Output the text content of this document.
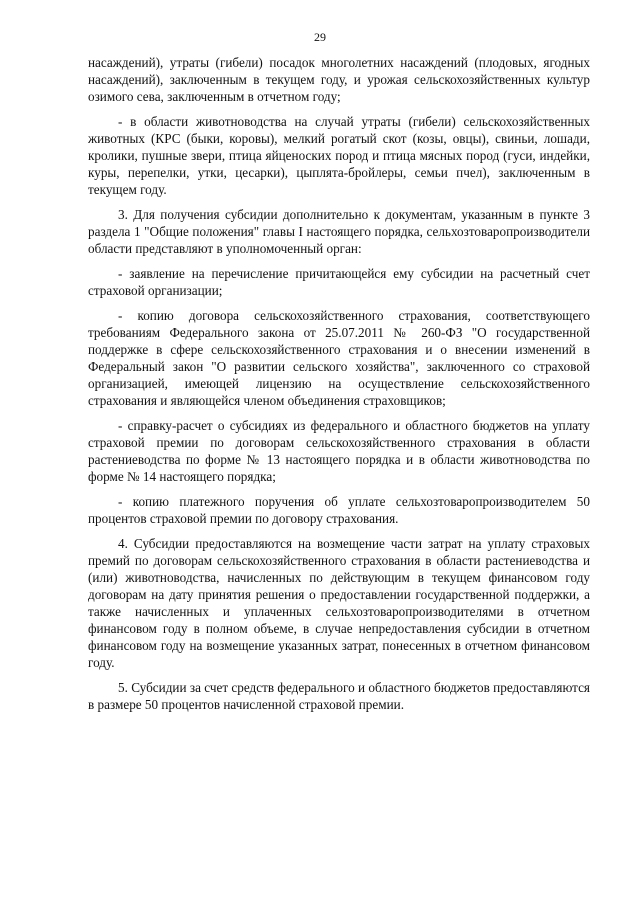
29

насаждений), утраты (гибели) посадок многолетних насаждений (плодовых, ягодных насаждений), заключенным в текущем году, и урожая сельскохозяйственных культур озимого сева, заключенным в отчетном году;

- в области животноводства на случай утраты (гибели) сельскохозяйственных животных (КРС (быки, коровы), мелкий рогатый скот (козы, овцы), свиньи, лошади, кролики, пушные звери, птица яйценоских пород и птица мясных пород (гуси, индейки, куры, перепелки, утки, цесарки), цыплята-бройлеры, семьи пчел), заключенным в текущем году.

3. Для получения субсидии дополнительно к документам, указанным в пункте 3 раздела 1 "Общие положения" главы I настоящего порядка, сельхозтоваропроизводители области представляют в уполномоченный орган:

- заявление на перечисление причитающейся ему субсидии на расчетный счет страховой организации;

- копию договора сельскохозяйственного страхования, соответствующего требованиям Федерального закона от 25.07.2011 № 260-ФЗ "О государственной поддержке в сфере сельскохозяйственного страхования и о внесении изменений в Федеральный закон "О развитии сельского хозяйства", заключенного со страховой организацией, имеющей лицензию на осуществление сельскохозяйственного страхования и являющейся членом объединения страховщиков;

- справку-расчет о субсидиях из федерального и областного бюджетов на уплату страховой премии по договорам сельскохозяйственного страхования в области растениеводства по форме № 13 настоящего порядка и в области животноводства по форме № 14 настоящего порядка;

- копию платежного поручения об уплате сельхозтоваропроизводителем 50 процентов страховой премии по договору страхования.

4. Субсидии предоставляются на возмещение части затрат на уплату страховых премий по договорам сельскохозяйственного страхования в области растениеводства и (или) животноводства, начисленных по действующим в текущем финансовом году договорам на дату принятия решения о предоставлении государственной поддержки, а также начисленных и уплаченных сельхозтоваропроизводителями в отчетном финансовом году в полном объеме, в случае непредоставления субсидии в отчетном финансовом году на возмещение указанных затрат, понесенных в отчетном финансовом году.

5. Субсидии за счет средств федерального и областного бюджетов предоставляются в размере 50 процентов начисленной страховой премии.
